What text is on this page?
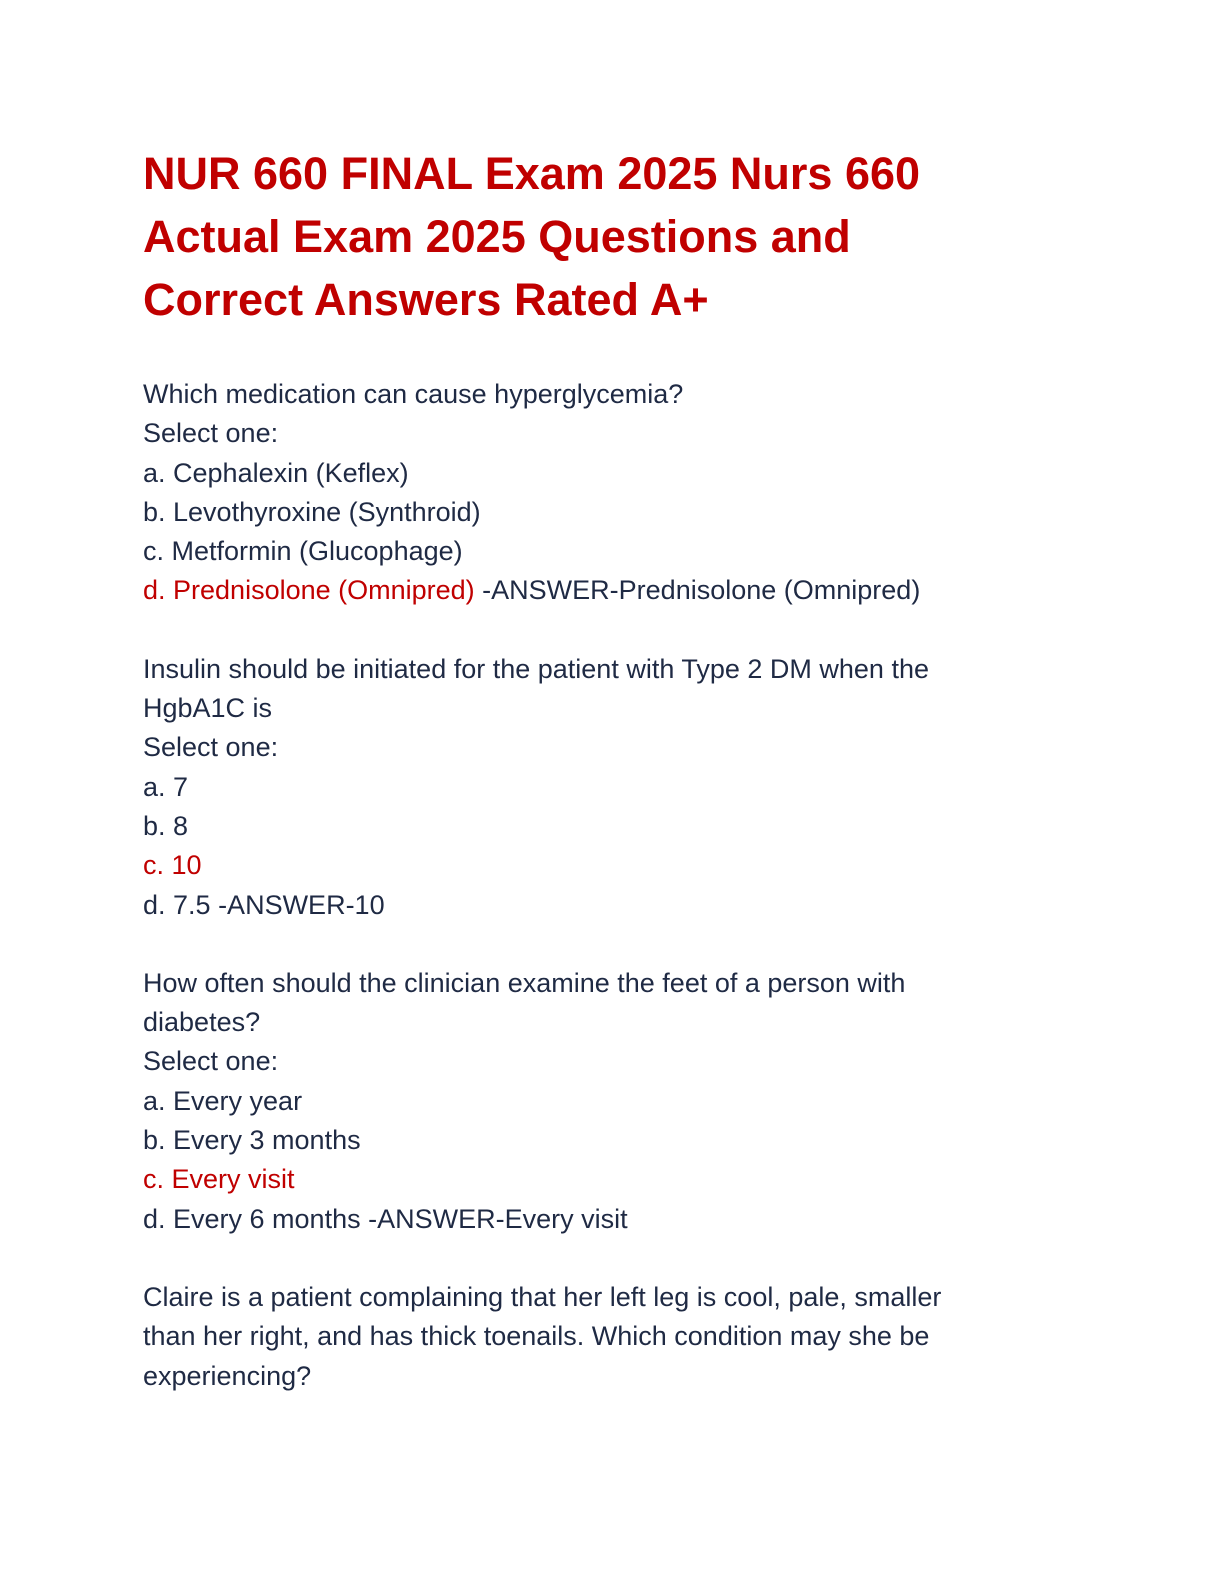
NUR 660 FINAL Exam 2025 Nurs 660
Actual Exam 2025 Questions and
Correct Answers Rated A+
Which medication can cause hyperglycemia?
Select one:
a. Cephalexin (Keflex)
b. Levothyroxine (Synthroid)
c. Metformin (Glucophage)
d. Prednisolone (Omnipred) -ANSWER-Prednisolone (Omnipred)
Insulin should be initiated for the patient with Type 2 DM when the
HgbA1C is
Select one:
a. 7
b. 8
c. 10
d. 7.5 -ANSWER-10
How often should the clinician examine the feet of a person with
diabetes?
Select one:
a. Every year
b. Every 3 months
c. Every visit
d. Every 6 months -ANSWER-Every visit
Claire is a patient complaining that her left leg is cool, pale, smaller
than her right, and has thick toenails. Which condition may she be
experiencing?
